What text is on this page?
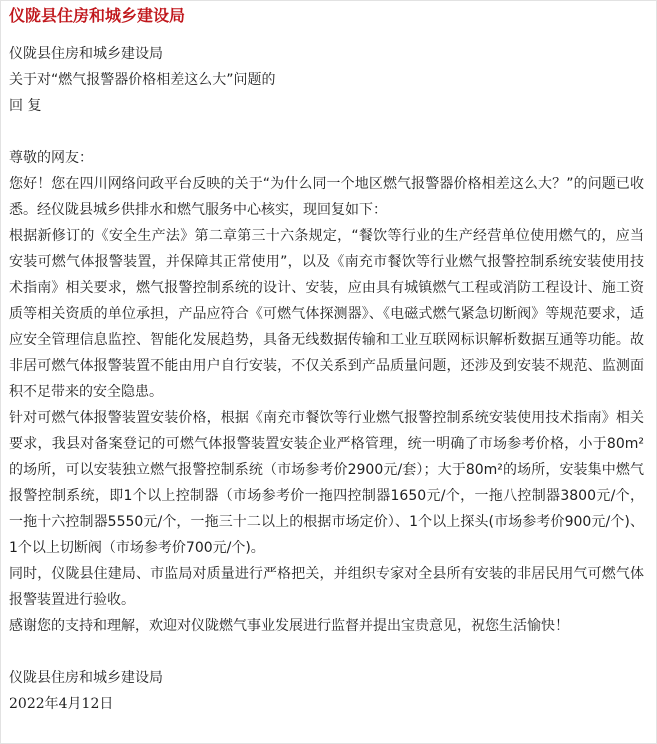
仪陇县住房和城乡建设局
仪陇县住房和城乡建设局
关于对“燃气报警器价格相差这么大”问题的
回 复

尊敬的网友：

您好！您在四川网络问政平台反映的关于“为什么同一个地区燃气报警器价格相差这么大？”的问题已收悉。经仪陇县城乡供排水和燃气服务中心核实，现回复如下：

根据新修订的《安全生产法》第二章第三十六条规定，“餐饮等行业的生产经营单位使用燃气的，应当安装可燃气体报警装置，并保障其正常使用”，以及《南充市餐饮等行业燃气报警控制系统安装使用技术指南》相关要求，燃气报警控制系统的设计、安装，应由具有城镇燃气工程或消防工程设计、施工资质等相关资质的单位承担，产品应符合《可燃气体探测器》、《电磁式燃气紧急切断阀》等规范要求，适应安全管理信息监控、智能化发展趋势，具备无线数据传输和工业互联网标识解析数据互通等功能。故非居可燃气体报警装置不能由用户自行安装，不仅关系到产品质量问题，还涉及到安装不规范、监测面积不足带来的安全隐患。

针对可燃气体报警装置安装价格，根据《南充市餐饮等行业燃气报警控制系统安装使用技术指南》相关要求，我县对备案登记的可燃气体报警装置安装企业严格管理，统一明确了市场参考价格，小于80m²的场所，可以安装独立燃气报警控制系统（市场参考价2900元/套）；大于80m²的场所，安装集中燃气报警控制系统，即1个以上控制器（市场参考价一拖四控制器1650元/个，一拖八控制器3800元/个，一拖十六控制器5550元/个，一拖三十二以上的根据市场定价）、1个以上探头(市场参考价900元/个)、1个以上切断阀（市场参考价700元/个)。

同时，仪陇县住建局、市监局对质量进行严格把关，并组织专家对全县所有安装的非居民用气可燃气体报警装置进行验收。

感谢您的支持和理解，欢迎对仪陇燃气事业发展进行监督并提出宝贵意见，祝您生活愉快！

仪陇县住房和城乡建设局
2022年4月12日
